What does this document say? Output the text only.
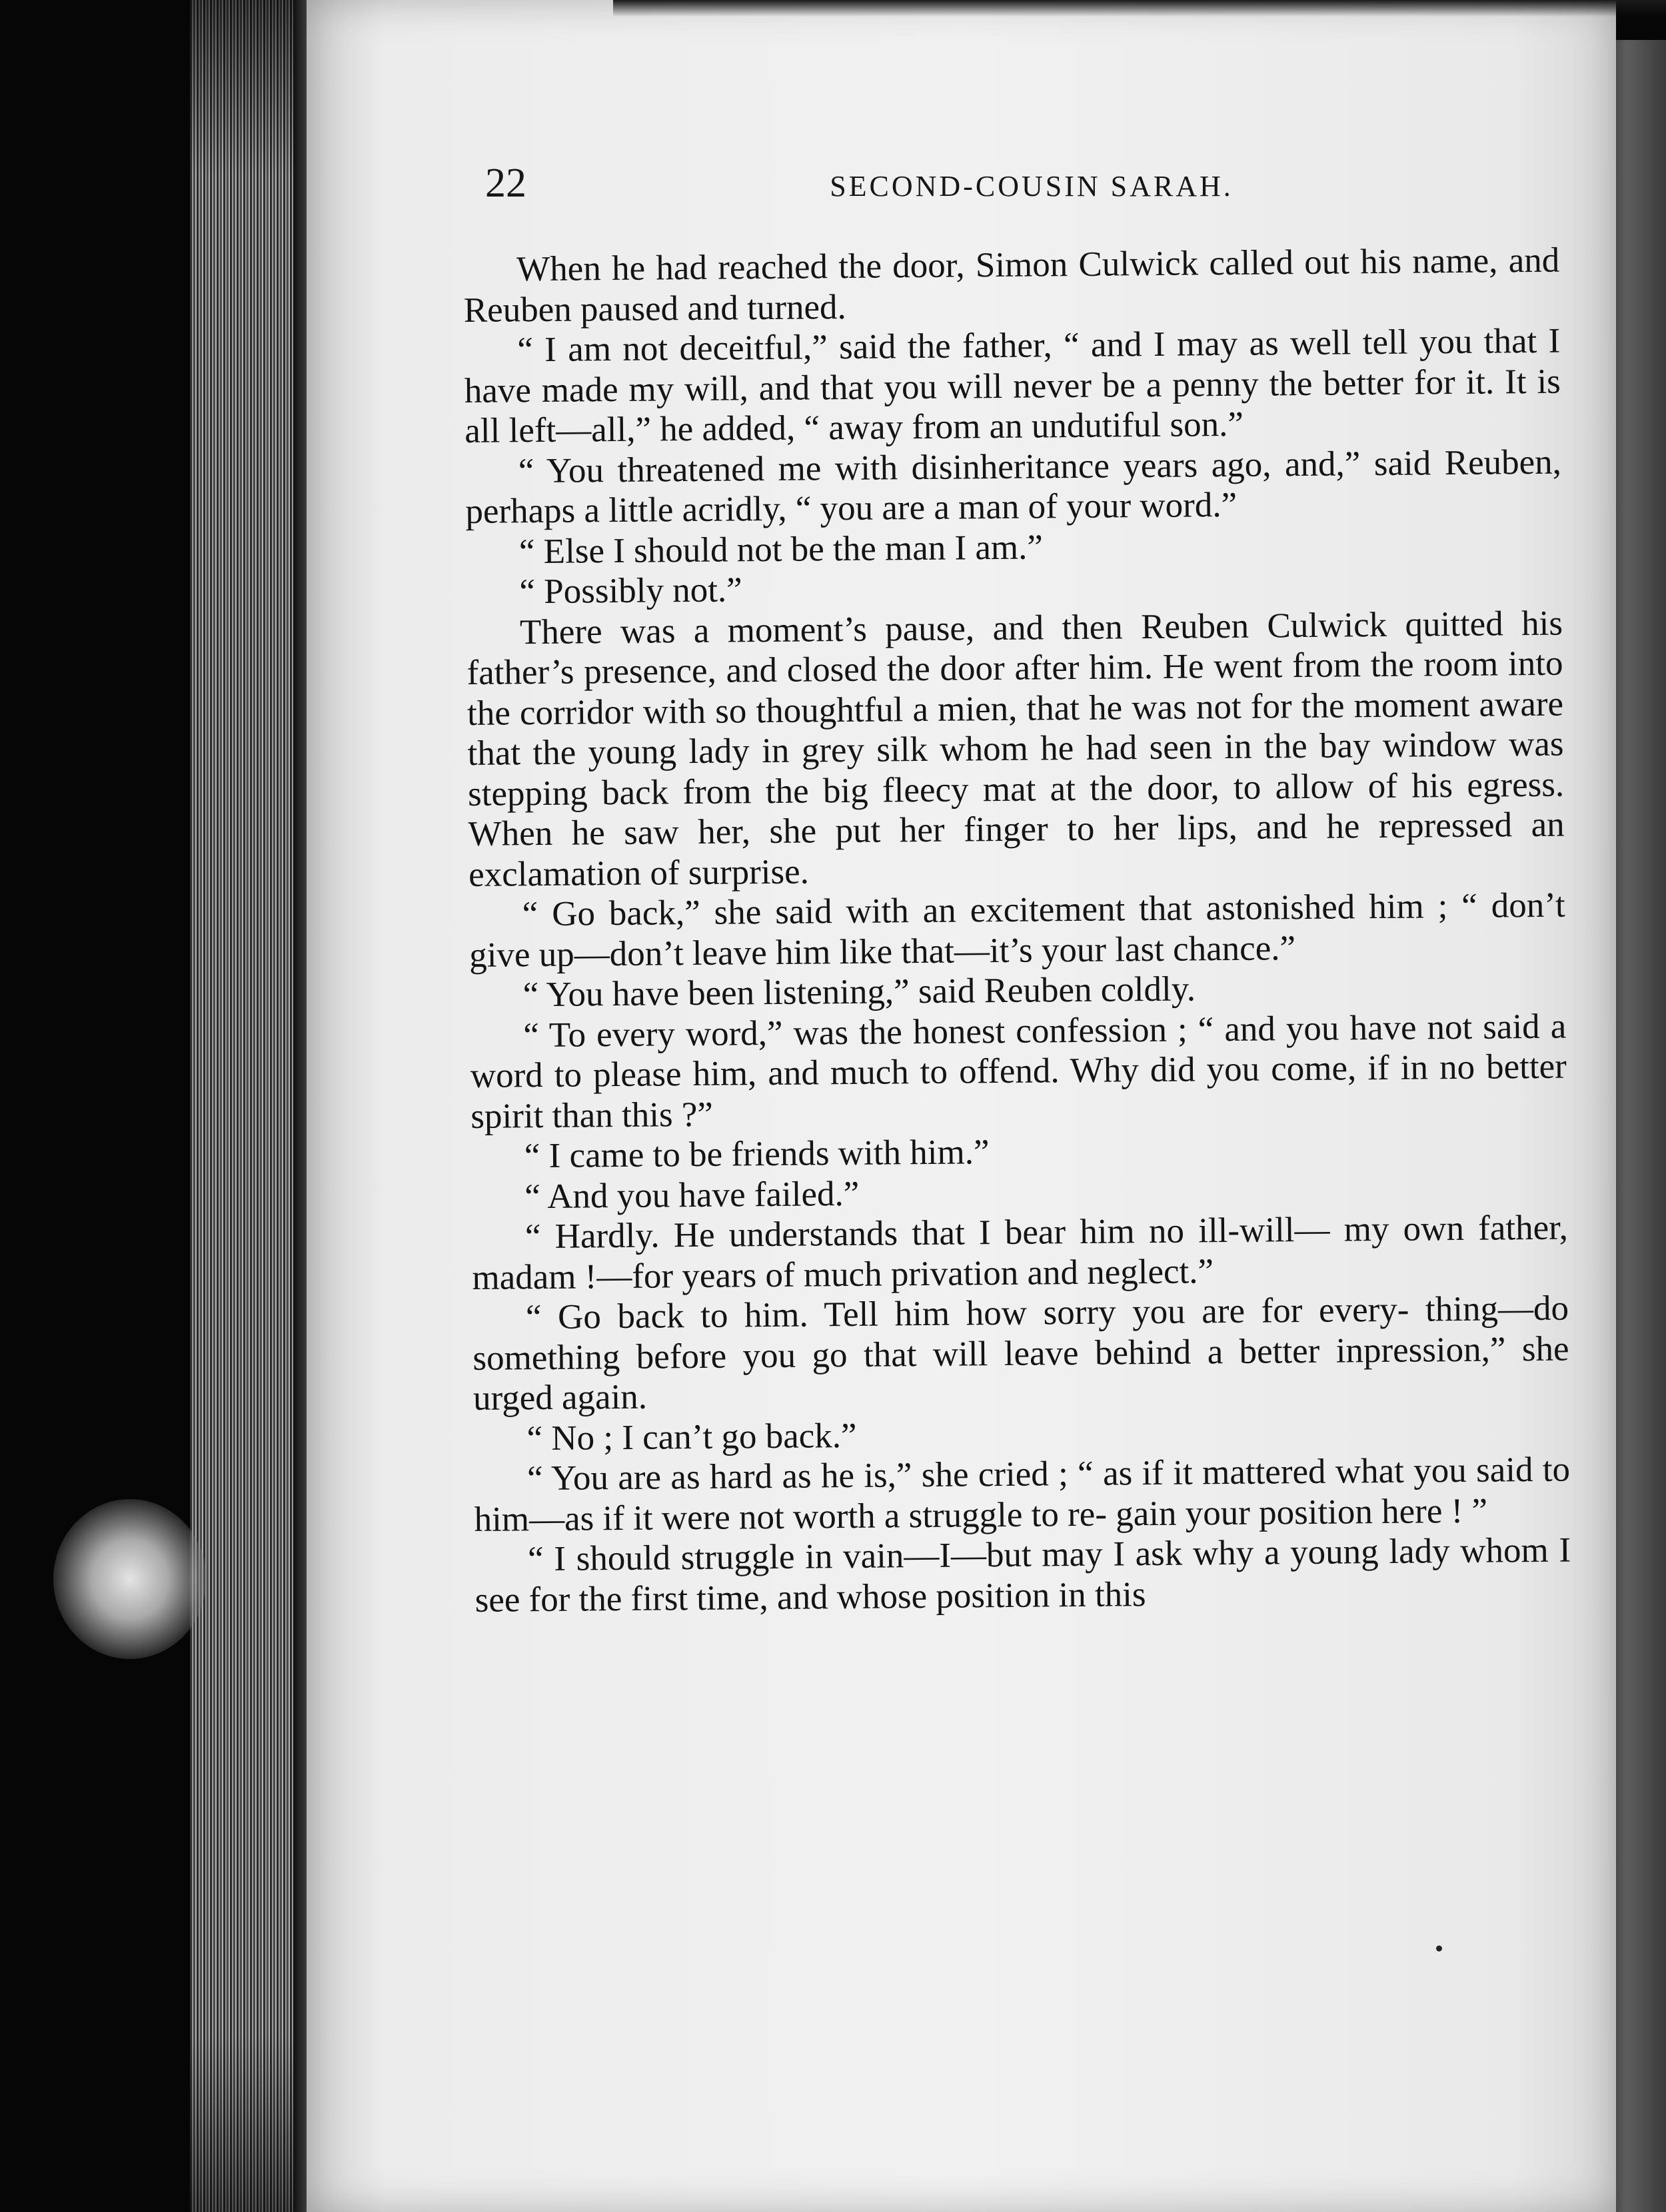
22	SECOND-COUSIN SARAH.

When he had reached the door, Simon Culwick called out his name, and Reuben paused and turned.

“ I am not deceitful,” said the father, “ and I may as well tell you that I have made my will, and that you will never be a penny the better for it. It is all left—all,” he added, “ away from an undutiful son.”

“ You threatened me with disinheritance years ago, and,” said Reuben, perhaps a little acridly, “ you are a man of your word.”

“ Else I should not be the man I am.”

“ Possibly not.”

There was a moment’s pause, and then Reuben Culwick quitted his father’s presence, and closed the door after him. He went from the room into the corridor with so thoughtful a mien, that he was not for the moment aware that the young lady in grey silk whom he had seen in the bay window was stepping back from the big fleecy mat at the door, to allow of his egress. When he saw her, she put her finger to her lips, and he repressed an exclamation of surprise.

“ Go back,” she said with an excitement that astonished him ; “ don’t give up—don’t leave him like that—it’s your last chance.”

“ You have been listening,” said Reuben coldly.

“ To every word,” was the honest confession ; “ and you have not said a word to please him, and much to offend. Why did you come, if in no better spirit than this ?”

“ I came to be friends with him.”

“ And you have failed.”

“ Hardly. He understands that I bear him no ill-will— my own father, madam !—for years of much privation and neglect.”

“ Go back to him. Tell him how sorry you are for every- thing—do something before you go that will leave behind a better inpression,” she urged again.

“ No ; I can’t go back.”

“ You are as hard as he is,” she cried ; “ as if it mattered what you said to him—as if it were not worth a struggle to re- gain your position here ! ”

“ I should struggle in vain—I—but may I ask why a young lady whom I see for the first time, and whose position in this
